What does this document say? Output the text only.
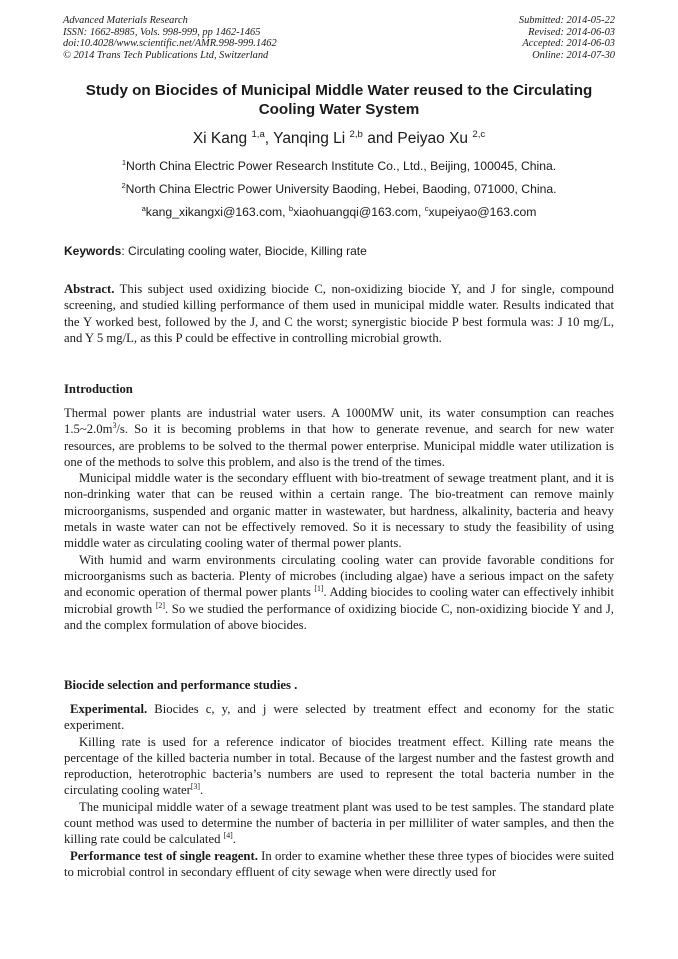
Advanced Materials Research
ISSN: 1662-8985, Vols. 998-999, pp 1462-1465
doi:10.4028/www.scientific.net/AMR.998-999.1462
© 2014 Trans Tech Publications Ltd, Switzerland
Submitted: 2014-05-22
Revised: 2014-06-03
Accepted: 2014-06-03
Online: 2014-07-30
Study on Biocides of Municipal Middle Water reused to the Circulating
Cooling Water System
Xi Kang $^{1,a}$, Yanqing Li $^{2,b}$ and Peiyao Xu $^{2,c}$
$^1$North China Electric Power Research Institute Co., Ltd., Beijing, 100045, China.
$^2$North China Electric Power University Baoding, Hebei, Baoding, 071000, China.
$^a$kang_xikangxi@163.com, $^b$xiaohuangqi@163.com, $^c$xupeiyao@163.com
Keywords: Circulating cooling water, Biocide, Killing rate

Abstract. This subject used oxidizing biocide C, non-oxidizing biocide Y, and J for single, compound screening, and studied killing performance of them used in municipal middle water. Results indicated that the Y worked best, followed by the J, and C the worst; synergistic biocide P best formula was: J 10 mg/L, and Y 5 mg/L, as this P could be effective in controlling microbial growth.

Introduction

Thermal power plants are industrial water users. A 1000MW unit, its water consumption can reaches $1.5\sim 2.0m^3/s$. So it is becoming problems in that how to generate revenue, and search for new water resources, are problems to be solved to the thermal power enterprise. Municipal middle water utilization is one of the methods to solve this problem, and also is the trend of the times.

Municipal middle water is the secondary effluent with bio-treatment of sewage treatment plant, and it is non-drinking water that can be reused within a certain range. The bio-treatment can remove mainly microorganisms, suspended and organic matter in wastewater, but hardness, alkalinity, bacteria and heavy metals in waste water can not be effectively removed. So it is necessary to study the feasibility of using middle water as circulating cooling water of thermal power plants.

With humid and warm environments circulating cooling water can provide favorable conditions for microorganisms such as bacteria. Plenty of microbes (including algae) have a serious impact on the safety and economic operation of thermal power plants [1]. Adding biocides to cooling water can effectively inhibit microbial growth [2]. So we studied the performance of oxidizing biocide C, non-oxidizing biocide Y and J, and the complex formulation of above biocides.

Biocide selection and performance studies .

Experimental. Biocides c, y, and j were selected by treatment effect and economy for the static experiment.

Killing rate is used for a reference indicator of biocides treatment effect. Killing rate means the percentage of the killed bacteria number in total. Because of the largest number and the fastest growth and reproduction, heterotrophic bacteria’s numbers are used to represent the total bacteria number in the circulating cooling water[3].

The municipal middle water of a sewage treatment plant was used to be test samples. The standard plate count method was used to determine the number of bacteria in per milliliter of water samples, and then the killing rate could be calculated [4].

Performance test of single reagent. In order to examine whether these three types of biocides were suited to microbial control in secondary effluent of city sewage when were directly used for
